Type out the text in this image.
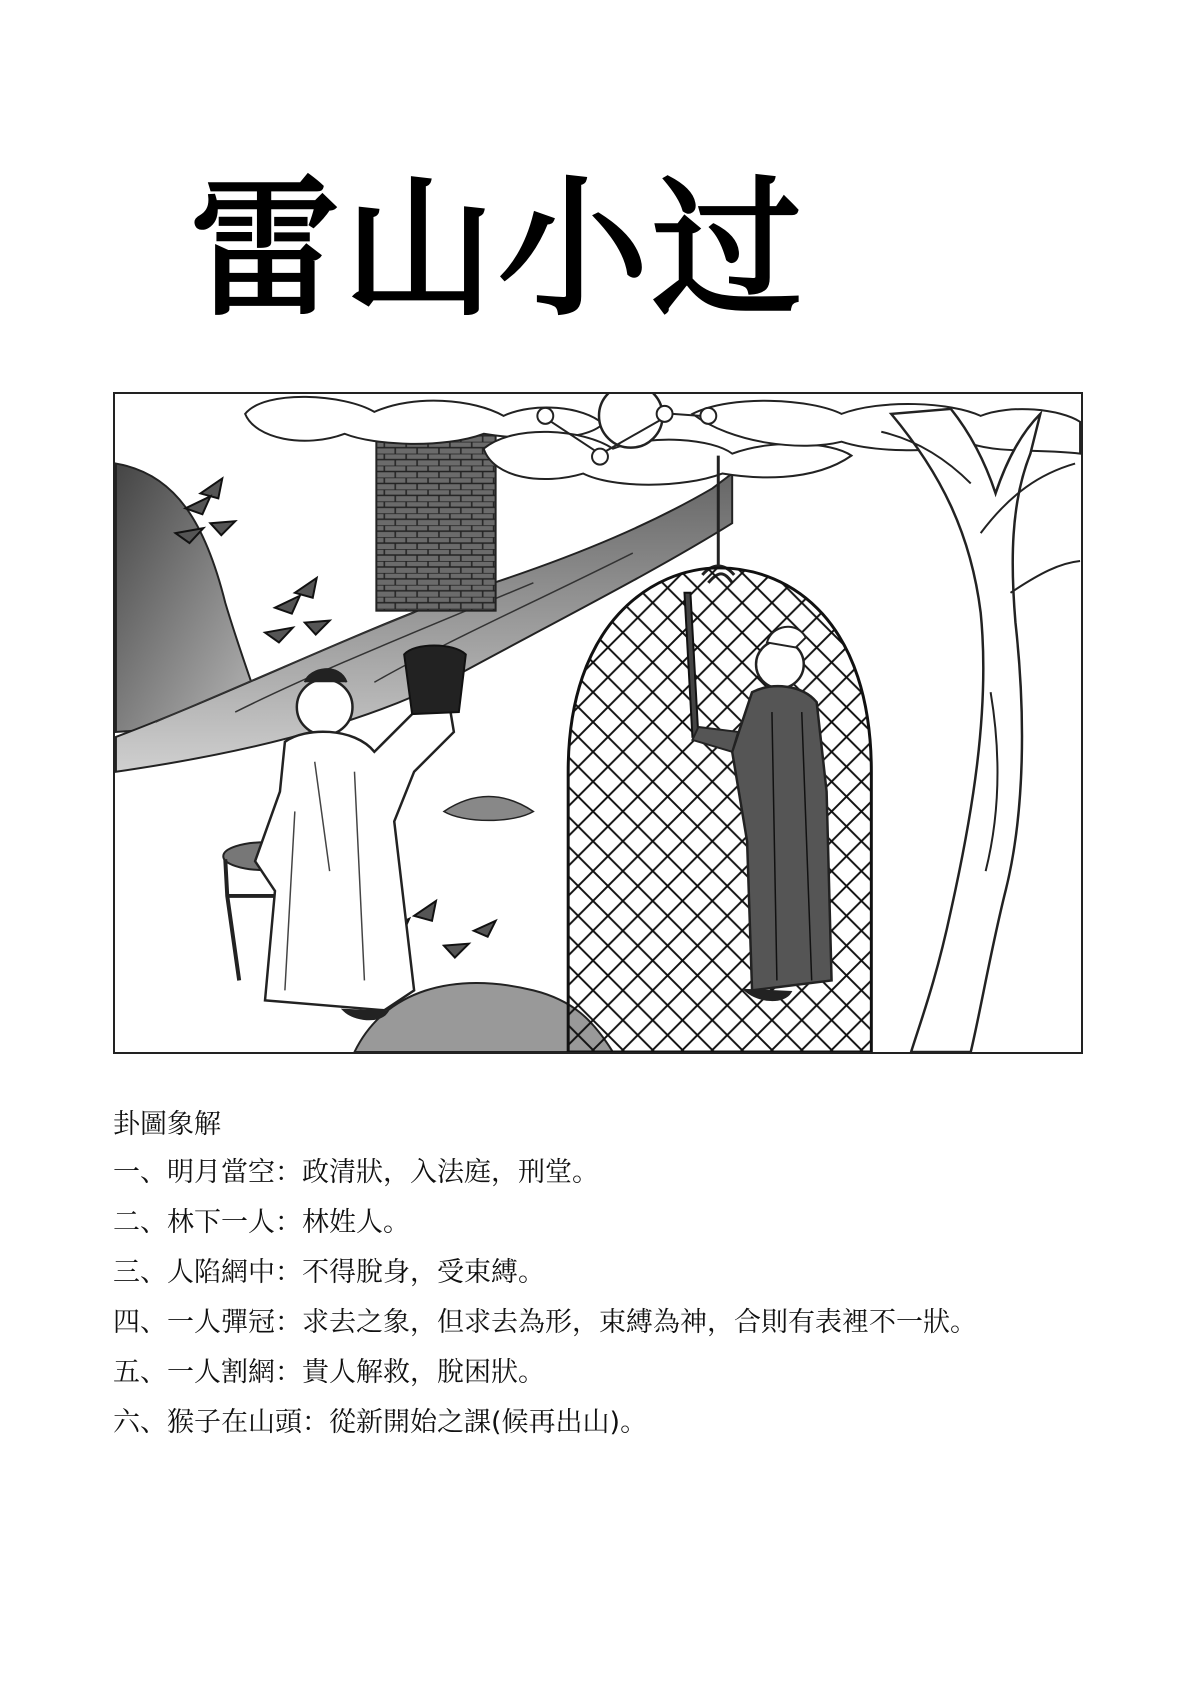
雷山小过

卦圖象解

一、明月當空：政清狀，入法庭，刑堂。
二、林下一人：林姓人。
三、人陷網中：不得脫身，受束縛。
四、一人彈冠：求去之象，但求去為形，束縛為神，合則有表裡不一狀。
五、一人割網：貴人解救，脫困狀。
六、猴子在山頭：從新開始之課(候再出山)。
